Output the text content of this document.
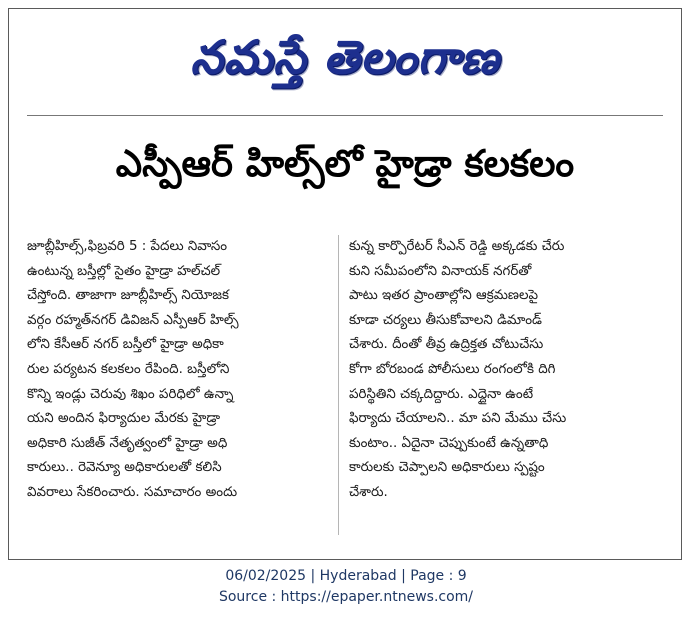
నమస్తే తెలంగాణ
ఎస్పీఆర్ హిల్స్‌లో హైడ్రా కలకలం
జూబ్లీహిల్స్,ఫిబ్రవరి 5 : పేదలు నివాసం
ఉంటున్న బస్తీల్లో సైతం హైడ్రా హల్‌చల్
చేస్తోంది. తాజాగా జూబ్లీహిల్స్ నియోజక
వర్గం రహ్మత్‌నగర్ డివిజన్ ఎస్పీఆర్ హిల్స్
లోని కేసీఆర్ నగర్ బస్తీలో హైడ్రా అధికా
రుల పర్యటన కలకలం రేపింది. బస్తీలోని
కొన్ని ఇండ్లు చెరువు శిఖం పరిధిలో ఉన్నా
యని అందిన ఫిర్యాదుల మేరకు హైడ్రా
అధికారి సుజీత్ నేతృత్వంలో హైడ్రా అధి
కారులు.. రెవెన్యూ అధికారులతో కలిసి
వివరాలు సేకరించారు. సమాచారం అందు
కున్న కార్పొరేటర్ సీఎన్ రెడ్డి అక్కడకు చేరు
కుని సమీపంలోని వినాయక్ నగర్‌తో
పాటు ఇతర ప్రాంతాల్లోని ఆక్రమణలపై
కూడా చర్యలు తీసుకోవాలని డిమాండ్
చేశారు. దీంతో తీవ్ర ఉద్రిక్తత చోటుచేసు
కోగా బోరబండ పోలీసులు రంగంలోకి దిగి
పరిస్థితిని చక్కదిద్దారు. ఎద్దైనా ఉంటే
ఫిర్యాదు చేయాలని.. మా పని మేము చేసు
కుంటాం.. ఏదైనా చెప్పుకుంటే ఉన్నతాధి
కారులకు చెప్పాలని అధికారులు స్పష్టం
చేశారు.
06/02/2025 | Hyderabad | Page : 9
Source : https://epaper.ntnews.com/
